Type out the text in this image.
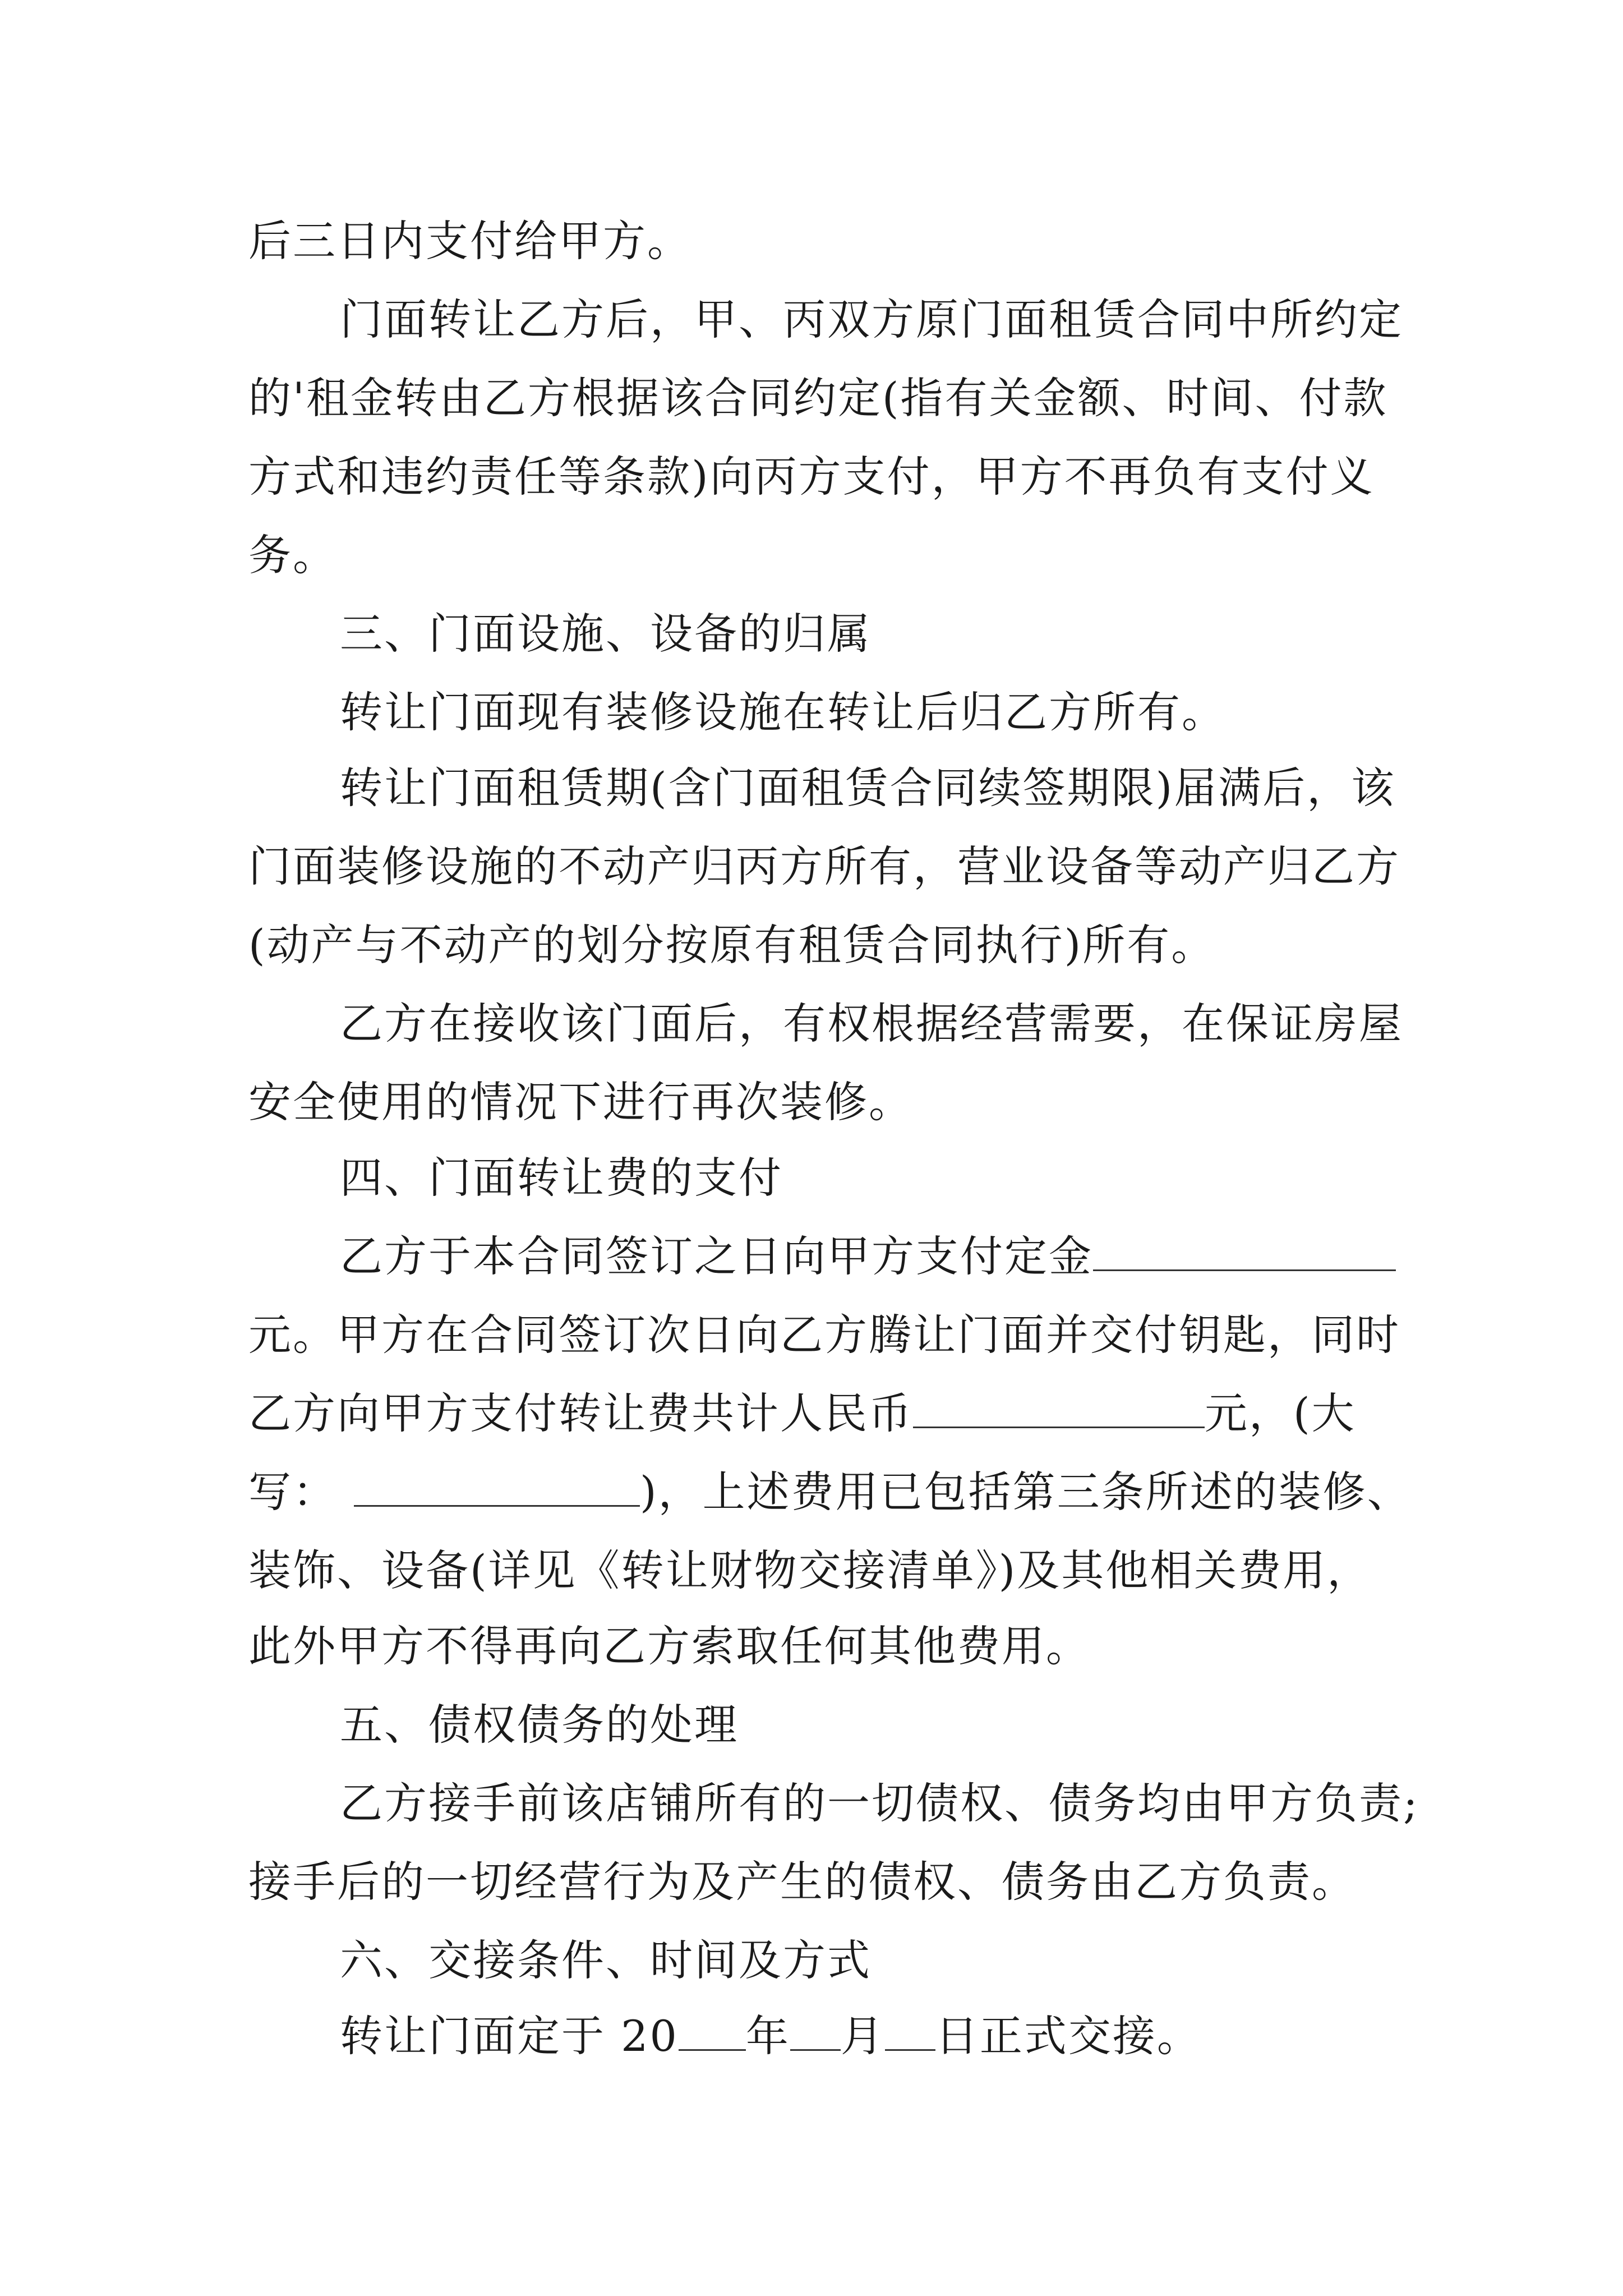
后三日内支付给甲方。
门面转让乙方后，甲、丙双方原门面租赁合同中所约定
的'租金转由乙方根据该合同约定(指有关金额、时间、付款
方式和违约责任等条款)向丙方支付，甲方不再负有支付义
务。
三、门面设施、设备的归属
转让门面现有装修设施在转让后归乙方所有。
转让门面租赁期(含门面租赁合同续签期限)届满后，该
门面装修设施的不动产归丙方所有，营业设备等动产归乙方
(动产与不动产的划分按原有租赁合同执行)所有。
乙方在接收该门面后，有权根据经营需要，在保证房屋
安全使用的情况下进行再次装修。
四、门面转让费的支付
乙方于本合同签订之日向甲方支付定金
元。甲方在合同签订次日向乙方腾让门面并交付钥匙，同时
乙方向甲方支付转让费共计人民币	元，(大
写：	)，上述费用已包括第三条所述的装修、
装饰、设备(详见《转让财物交接清单》)及其他相关费用，
此外甲方不得再向乙方索取任何其他费用。
五、债权债务的处理
乙方接手前该店铺所有的一切债权、债务均由甲方负责;
接手后的一切经营行为及产生的债权、债务由乙方负责。
六、交接条件、时间及方式
转让门面定于 20 年 月 日正式交接。
